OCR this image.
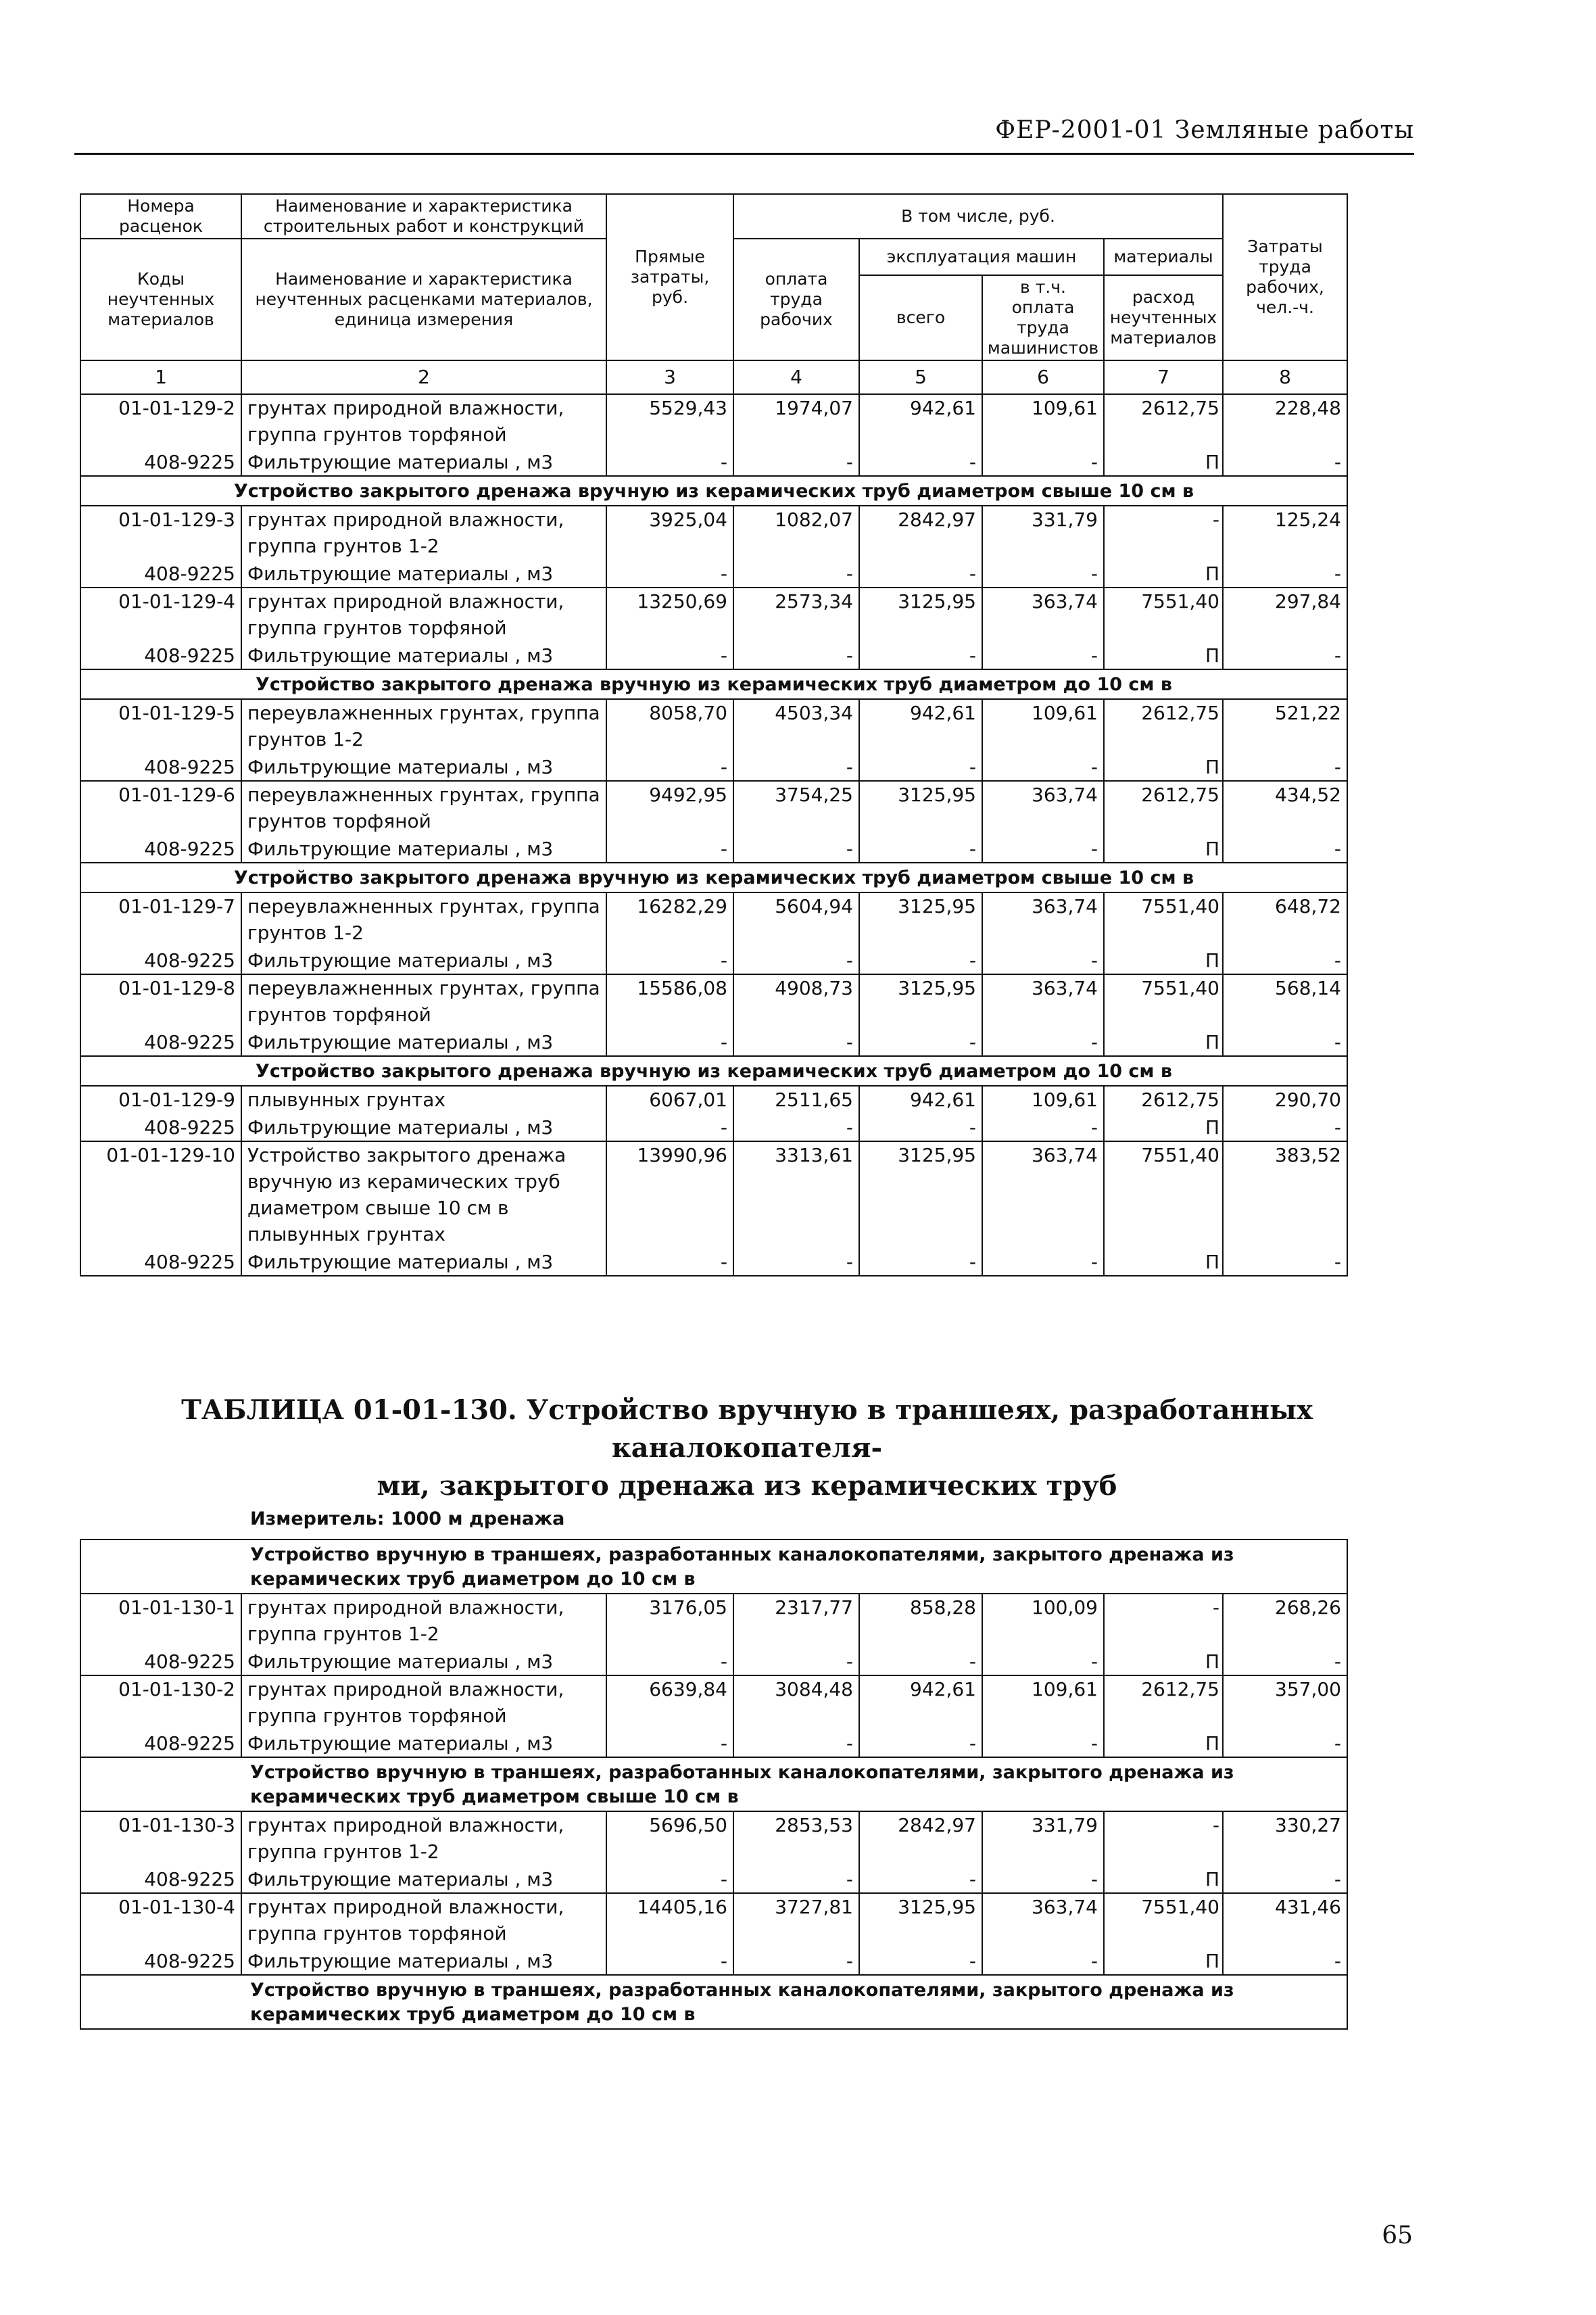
ФЕР-2001-01 Земляные работы
Номера расценок	Наименование и характеристика строительных работ и конструкций	Прямые затраты, руб.	В том числе, руб.				Затраты труда рабочих, чел.-ч.
Коды неучтенных материалов	Наименование и характеристика неучтенных расценками материалов, единица измерения		оплата труда рабочих	эксплуатация машин		материалы	
				всего	в т.ч. оплата труда машинистов	расход неучтенных материалов	
1	2	3	4	5	6	7	8
01-01-129-2	грунтах природной влажности, группа грунтов торфяной	5529,43	1974,07	942,61	109,61	2612,75	228,48
408-9225	Фильтрующие материалы , м3	-	-	-	-	П	-
Устройство закрытого дренажа вручную из керамических труб диаметром свыше 10 см в							
01-01-129-3	грунтах природной влажности, группа грунтов 1-2	3925,04	1082,07	2842,97	331,79	-	125,24
408-9225	Фильтрующие материалы , м3	-	-	-	-	П	-
01-01-129-4	грунтах природной влажности, группа грунтов торфяной	13250,69	2573,34	3125,95	363,74	7551,40	297,84
408-9225	Фильтрующие материалы , м3	-	-	-	-	П	-
Устройство закрытого дренажа вручную из керамических труб диаметром до 10 см в							
01-01-129-5	переувлажненных грунтах, группа грунтов 1-2	8058,70	4503,34	942,61	109,61	2612,75	521,22
408-9225	Фильтрующие материалы , м3	-	-	-	-	П	-
01-01-129-6	переувлажненных грунтах, группа грунтов торфяной	9492,95	3754,25	3125,95	363,74	2612,75	434,52
408-9225	Фильтрующие материалы , м3	-	-	-	-	П	-
Устройство закрытого дренажа вручную из керамических труб диаметром свыше 10 см в							
01-01-129-7	переувлажненных грунтах, группа грунтов 1-2	16282,29	5604,94	3125,95	363,74	7551,40	648,72
408-9225	Фильтрующие материалы , м3	-	-	-	-	П	-
01-01-129-8	переувлажненных грунтах, группа грунтов торфяной	15586,08	4908,73	3125,95	363,74	7551,40	568,14
408-9225	Фильтрующие материалы , м3	-	-	-	-	П	-
Устройство закрытого дренажа вручную из керамических труб диаметром до 10 см в							
01-01-129-9	плывунных грунтах	6067,01	2511,65	942,61	109,61	2612,75	290,70
408-9225	Фильтрующие материалы , м3	-	-	-	-	П	-
01-01-129-10	Устройство закрытого дренажа вручную из керамических труб диаметром свыше 10 см в плывунных грунтах	13990,96	3313,61	3125,95	363,74	7551,40	383,52
408-9225	Фильтрующие материалы , м3	-	-	-	-	П	-
ТАБЛИЦА 01-01-130. Устройство вручную в траншеях, разработанных каналокопателя-
ми, закрытого дренажа из керамических труб
Измеритель: 1000 м дренажа							
Устройство вручную в траншеях, разработанных каналокопателями, закрытого дренажа из керамических труб диаметром до 10 см в							
01-01-130-1	грунтах природной влажности, группа грунтов 1-2	3176,05	2317,77	858,28	100,09	-	268,26
408-9225	Фильтрующие материалы , м3	-	-	-	-	П	-
01-01-130-2	грунтах природной влажности, группа грунтов торфяной	6639,84	3084,48	942,61	109,61	2612,75	357,00
408-9225	Фильтрующие материалы , м3	-	-	-	-	П	-
Устройство вручную в траншеях, разработанных каналокопателями, закрытого дренажа из керамических труб диаметром свыше 10 см в							
01-01-130-3	грунтах природной влажности, группа грунтов 1-2	5696,50	2853,53	2842,97	331,79	-	330,27
408-9225	Фильтрующие материалы , м3	-	-	-	-	П	-
01-01-130-4	грунтах природной влажности, группа грунтов торфяной	14405,16	3727,81	3125,95	363,74	7551,40	431,46
408-9225	Фильтрующие материалы , м3	-	-	-	-	П	-
Устройство вручную в траншеях, разработанных каналокопателями, закрытого дренажа из керамических труб диаметром до 10 см в							
65
